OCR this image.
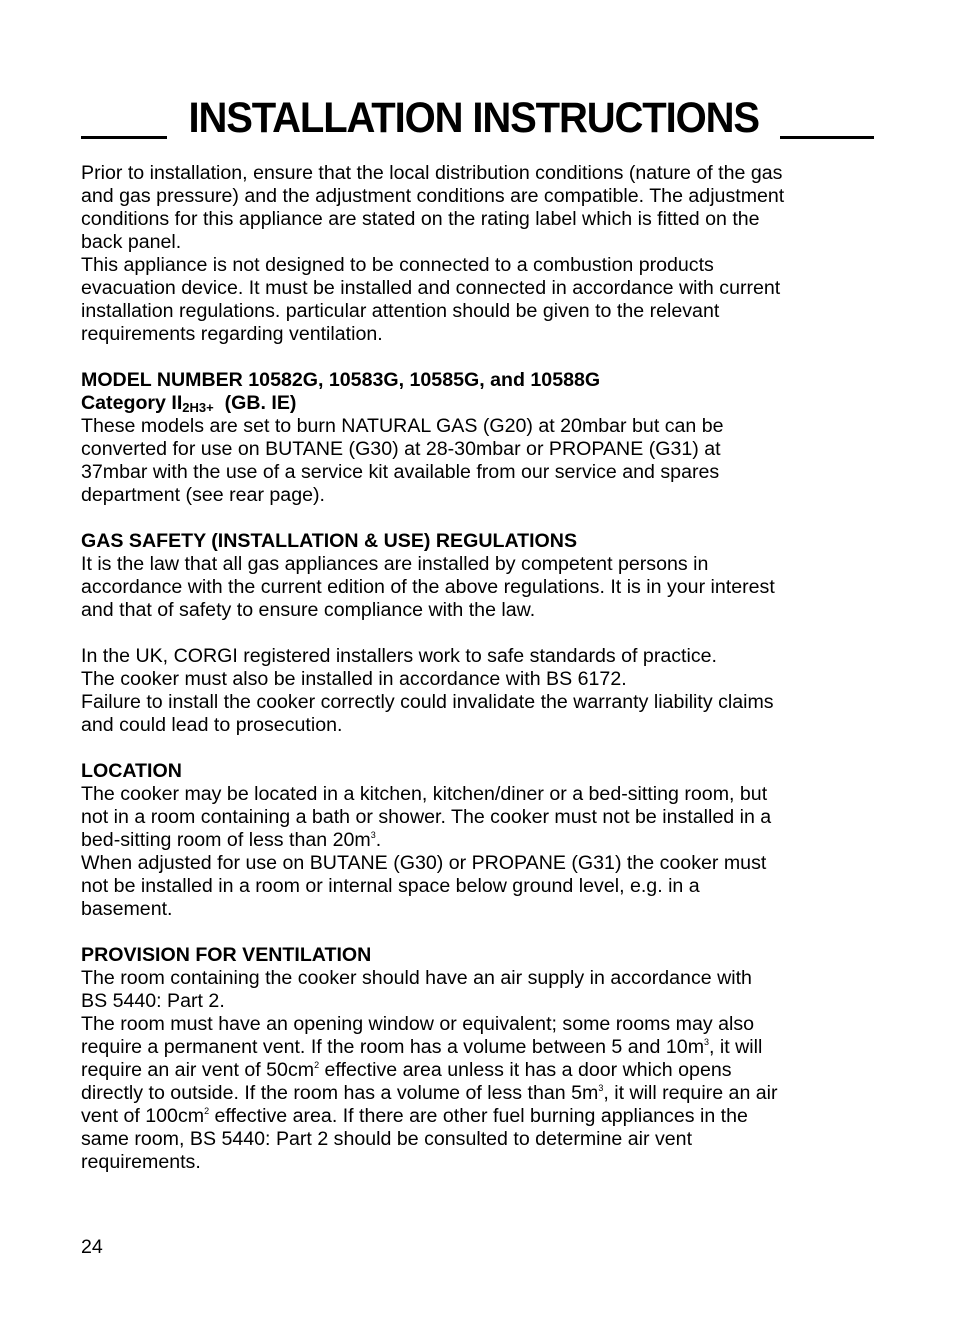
INSTALLATION INSTRUCTIONS
Prior to installation, ensure that the local distribution conditions (nature of the gas
and gas pressure) and the adjustment conditions are compatible. The adjustment
conditions for this appliance are stated on the rating label which is fitted on the
back panel.
This appliance is not designed to be connected to a combustion products
evacuation device. It must be installed and connected in accordance with current
installation regulations. particular attention should be given to the relevant
requirements regarding ventilation.
MODEL NUMBER 10582G, 10583G, 10585G, and 10588G
Category $II_{2H3+}$  (GB. IE)
These models are set to burn NATURAL GAS (G20) at 20mbar but can be
converted for use on BUTANE (G30) at 28-30mbar or PROPANE (G31) at
37mbar with the use of a service kit available from our service and spares
department (see rear page).
GAS SAFETY (INSTALLATION & USE) REGULATIONS
It is the law that all gas appliances are installed by competent persons in
accordance with the current edition of the above regulations. It is in your interest
and that of safety to ensure compliance with the law.
In the UK, CORGI registered installers work to safe standards of practice.
The cooker must also be installed in accordance with BS 6172.
Failure to install the cooker correctly could invalidate the warranty liability claims
and could lead to prosecution.
LOCATION
The cooker may be located in a kitchen, kitchen/diner or a bed-sitting room, but
not in a room containing a bath or shower. The cooker must not be installed in a
bed-sitting room of less than $20m^3$.
When adjusted for use on BUTANE (G30) or PROPANE (G31) the cooker must
not be installed in a room or internal space below ground level, e.g. in a
basement.
PROVISION FOR VENTILATION
The room containing the cooker should have an air supply in accordance with
BS 5440: Part 2.
The room must have an opening window or equivalent; some rooms may also
require a permanent vent. If the room has a volume between 5 and $10m^3$, it will
require an air vent of $50cm^2$ effective area unless it has a door which opens
directly to outside. If the room has a volume of less than $5m^3$, it will require an air
vent of $100cm^2$ effective area. If there are other fuel burning appliances in the
same room, BS 5440: Part 2 should be consulted to determine air vent
requirements.
24
